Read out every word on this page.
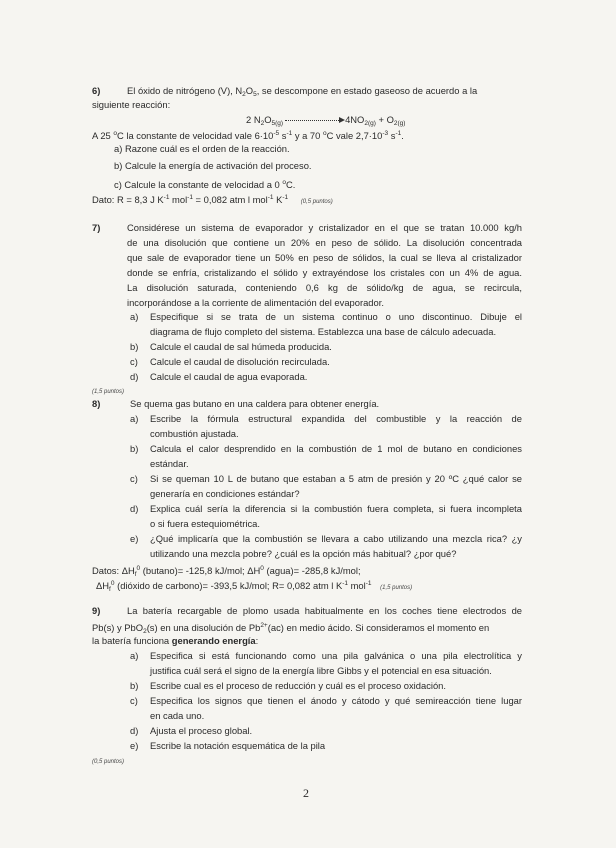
6)	El óxido de nitrógeno (V), $N_2O_5$, se descompone en estado gaseoso de acuerdo a la
siguiente reacción:
2 $N_2O_{5(g)}$	$4NO_{2(g)} + O_{2(g)}$
A 25 $^o$C la constante de velocidad vale $6\cdot 10^{-5}$ $s^{-1}$ y a 70 $^o$C vale $2,7\cdot 10^{-3}$ $s^{-1}$.
a) Razone cuál es el orden de la reacción.
b) Calcule la energía de activación del proceso.
c) Calcule la constante de velocidad a 0 $^o$C.
Dato: R = 8,3 J $K^{-1}$ mol$^{-1}$ = 0,082 atm l mol$^{-1}$ $K^{-1}$ (0,5 puntos)
7)	Considérese un sistema de evaporador y cristalizador en el que se tratan 10.000 kg/h
de una disolución que contiene un 20% en peso de sólido. La disolución concentrada
que sale de evaporador tiene un 50% en peso de sólidos, la cual se lleva al cristalizador
donde se enfría, cristalizando el sólido y extrayéndose los cristales con un 4% de agua.
La disolución saturada, conteniendo 0,6 kg de sólido/kg de agua, se recircula,
incorporándose a la corriente de alimentación del evaporador.
a) Especifique si se trata de un sistema continuo o uno discontinuo. Dibuje el
diagrama de flujo completo del sistema. Establezca una base de cálculo adecuada.
b) Calcule el caudal de sal húmeda producida.
c) Calcule el caudal de disolución recirculada.
d) Calcule el caudal de agua evaporada.
(1,5 puntos)
8)	Se quema gas butano en una caldera para obtener energía.
a) Escribe la fórmula estructural expandida del combustible y la reacción de
combustión ajustada.
b) Calcula el calor desprendido en la combustión de 1 mol de butano en condiciones
estándar.
c) Si se queman 10 L de butano que estaban a 5 atm de presión y 20 ºC ¿qué calor se
generaría en condiciones estándar?
d) Explica cuál sería la diferencia si la combustión fuera completa, si fuera incompleta
o si fuera estequiométrica.
e) ¿Qué implicaría que la combustión se llevara a cabo utilizando una mezcla rica? ¿y
utilizando una mezcla pobre? ¿cuál es la opción más habitual? ¿por qué?
Datos: $\Delta H_f^0$ (butano)= -125,8 kJ/mol; $\Delta H^0$ (agua)= -285,8 kJ/mol;
$\Delta H_f^0$ (dióxido de carbono)= -393,5 kJ/mol; R= 0,082 atm l $K^{-1}$ mol$^{-1}$ (1,5 puntos)
9)	La batería recargable de plomo usada habitualmente en los coches tiene electrodos de
Pb(s) y PbO$_2$(s) en una disolución de $Pb^{2+}(ac)$ en medio ácido. Si consideramos el momento en
la batería funciona generando energía:
a) Especifica si está funcionando como una pila galvánica o una pila electrolítica y
justifica cuál será el signo de la energía libre Gibbs y el potencial en esa situación.
b) Escribe cual es el proceso de reducción y cuál es el proceso oxidación.
c) Especifica los signos que tienen el ánodo y cátodo y qué semireacción tiene lugar
en cada uno.
d) Ajusta el proceso global.
e) Escribe la notación esquemática de la pila
(0,5 puntos)
2
